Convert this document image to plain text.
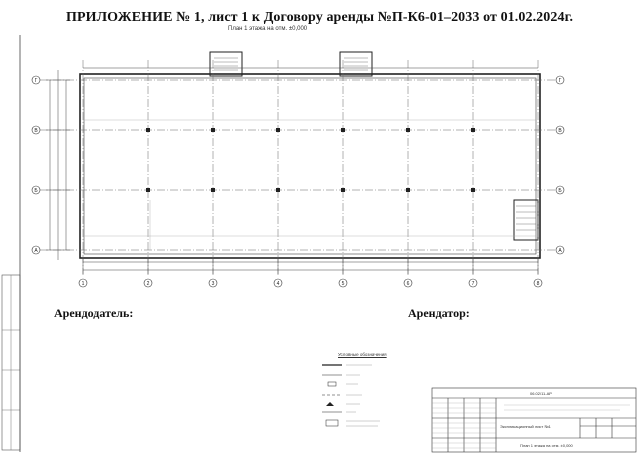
ПРИЛОЖЕНИЕ № 1, лист 1 к Договору аренды №П-К6-01–2033 от 01.02.2024г.
План 1 этажа на отм. ±0,000
Г
В
Б
А
Г
В
Б
А
1	2	3	4	5	6	7	8
06.02/11-АР
Экспликационный лист №1
План 1 этажа на отм. ±0,000
Условные обозначения
Арендодатель:	Арендатор:
